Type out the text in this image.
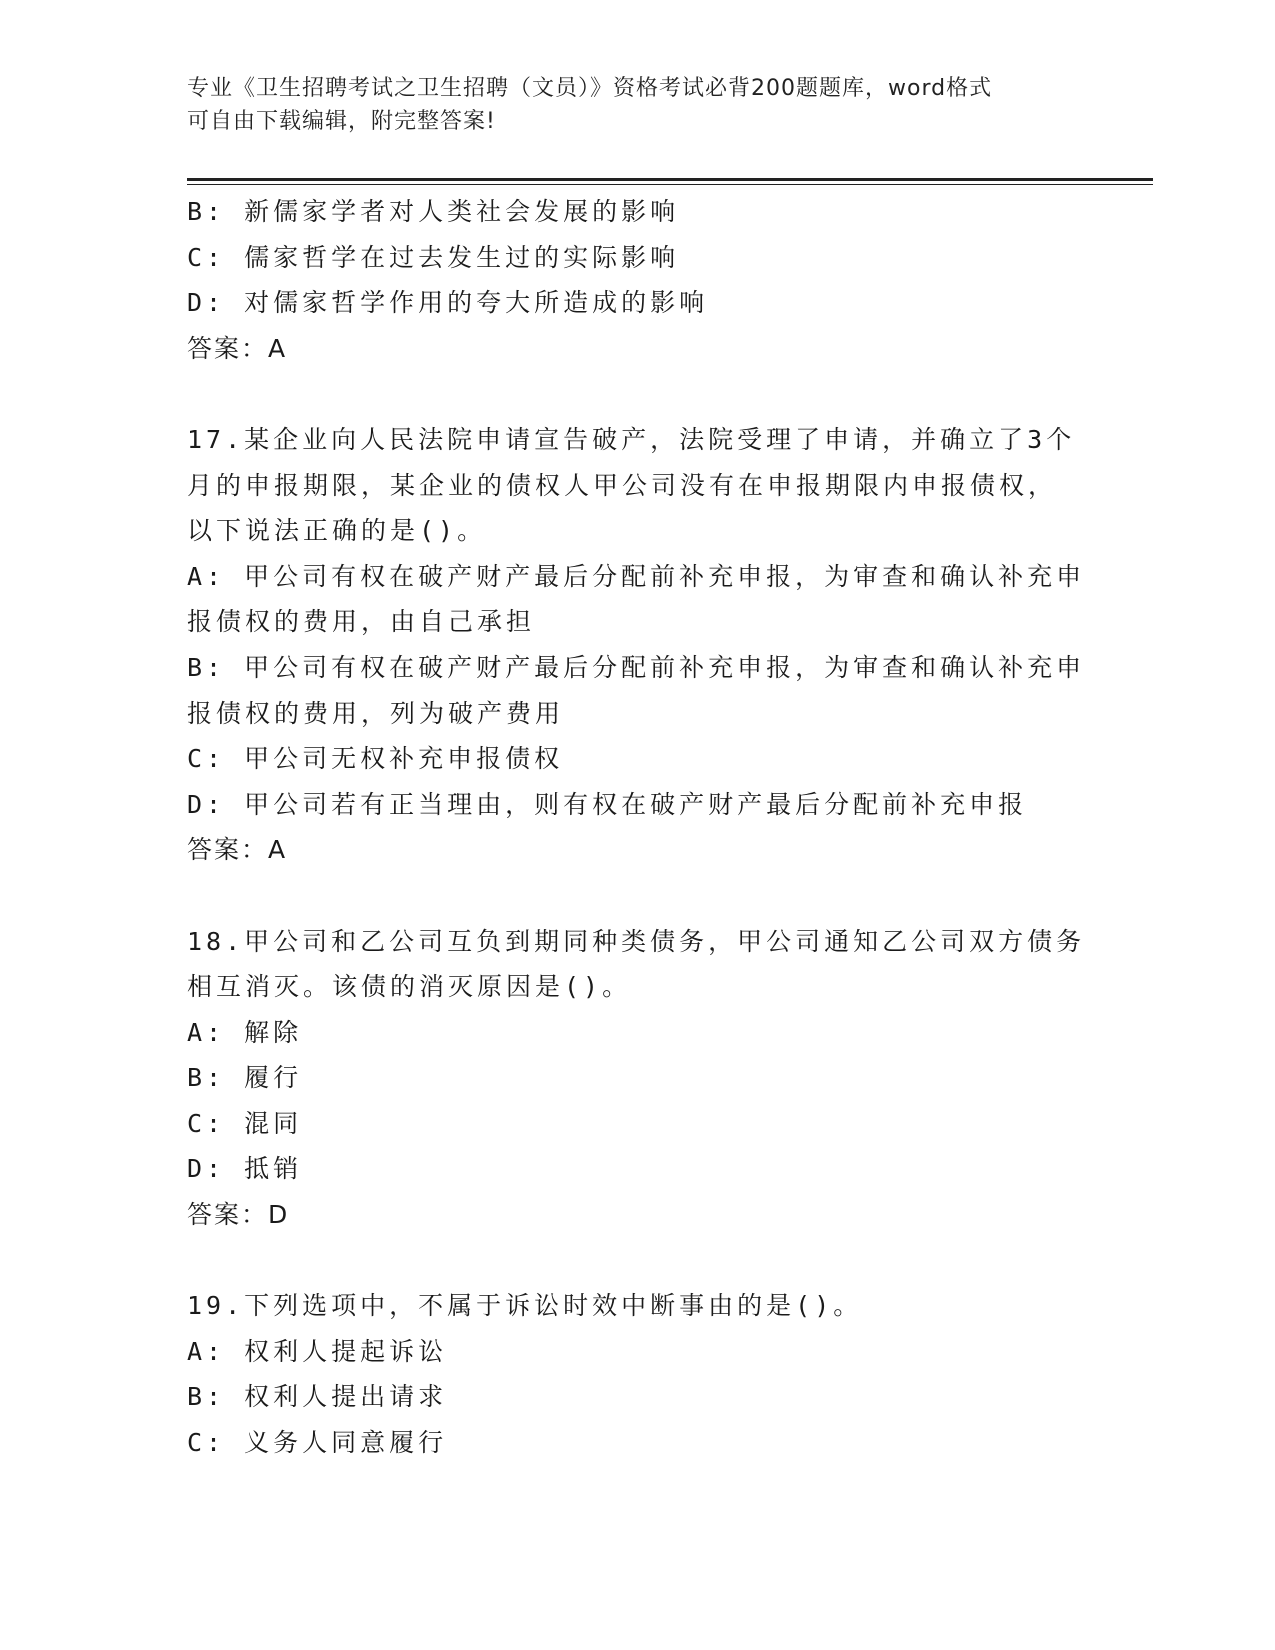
专业《卫生招聘考试之卫生招聘（文员）》资格考试必背200题题库，word格式
可自由下载编辑，附完整答案!
B: 新儒家学者对人类社会发展的影响
C: 儒家哲学在过去发生过的实际影响
D: 对儒家哲学作用的夸大所造成的影响
答案：A
17.某企业向人民法院申请宣告破产，法院受理了申请，并确立了3个
月的申报期限，某企业的债权人甲公司没有在申报期限内申报债权，
以下说法正确的是()。
A: 甲公司有权在破产财产最后分配前补充申报，为审查和确认补充申
报债权的费用，由自己承担
B: 甲公司有权在破产财产最后分配前补充申报，为审查和确认补充申
报债权的费用，列为破产费用
C: 甲公司无权补充申报债权
D: 甲公司若有正当理由，则有权在破产财产最后分配前补充申报
答案：A
18.甲公司和乙公司互负到期同种类债务，甲公司通知乙公司双方债务
相互消灭。该债的消灭原因是()。
A: 解除
B: 履行
C: 混同
D: 抵销
答案：D
19.下列选项中，不属于诉讼时效中断事由的是()。
A: 权利人提起诉讼
B: 权利人提出请求
C: 义务人同意履行
